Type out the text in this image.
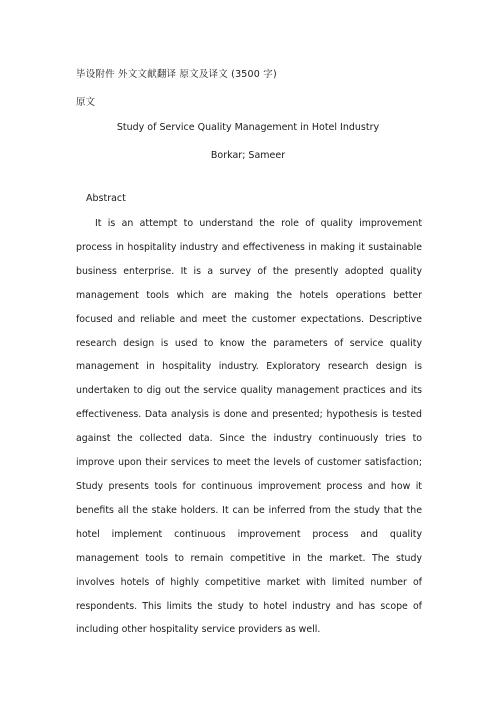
毕设附件 外文文献翻译 原文及译文 (3500 字)
原文
Study of Service Quality Management in Hotel Industry
Borkar; Sameer
Abstract

It is an attempt to understand the role of quality improvement process in hospitality industry and effectiveness in making it sustainable business enterprise. It is a survey of the presently adopted quality management tools which are making the hotels operations better focused and reliable and meet the customer expectations. Descriptive research design is used to know the parameters of service quality management in hospitality industry. Exploratory research design is undertaken to dig out the service quality management practices and its effectiveness. Data analysis is done and presented; hypothesis is tested against the collected data. Since the industry continuously tries to improve upon their services to meet the levels of customer satisfaction; Study presents tools for continuous improvement process and how it benefits all the stake holders. It can be inferred from the study that the hotel implement continuous improvement process and quality management tools to remain competitive in the market. The study involves hotels of highly competitive market with limited number of respondents. This limits the study to hotel industry and has scope of including other hospitality service providers as well.
